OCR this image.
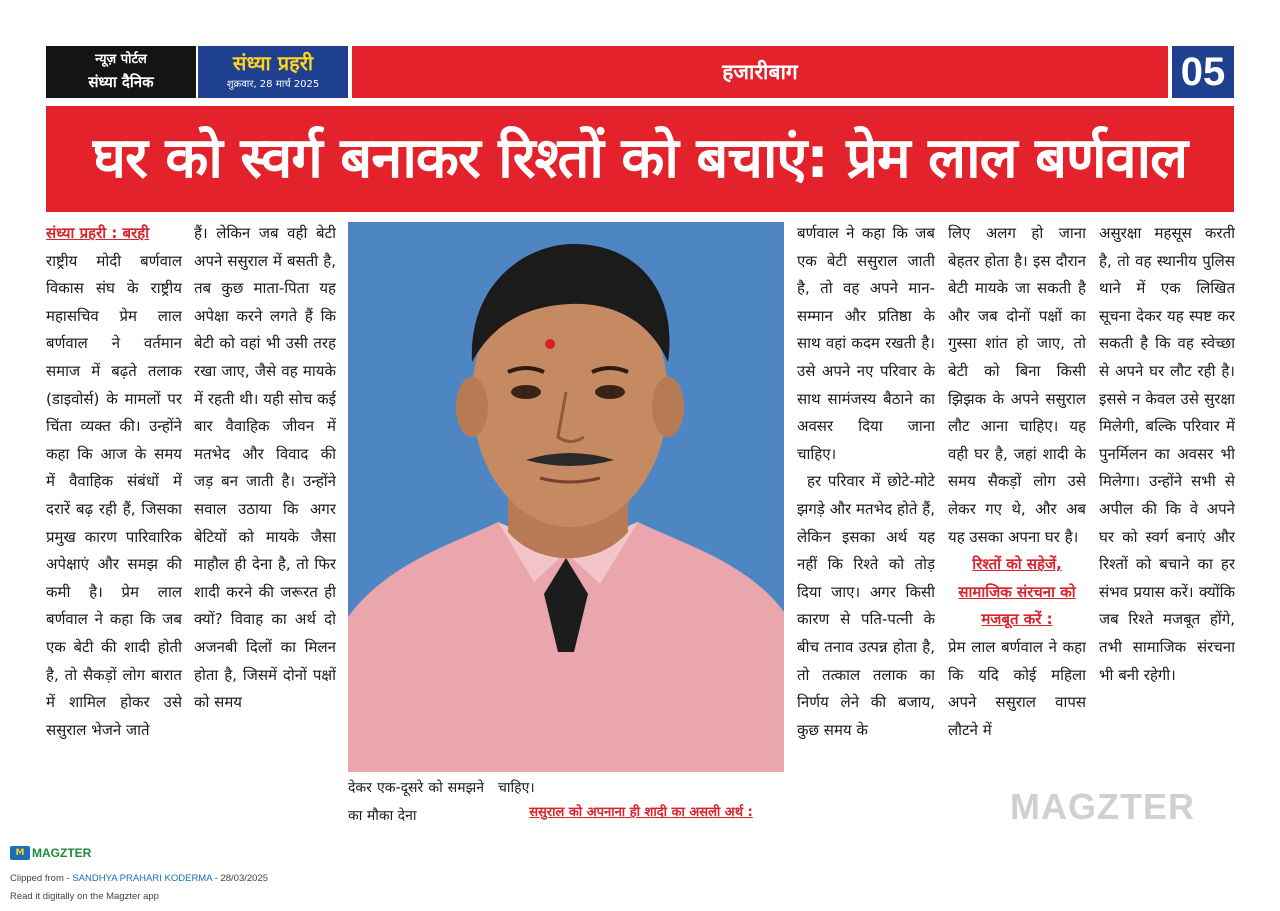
न्यूज़ पोर्टल
संध्या दैनिक
संध्या प्रहरी
शुक्रवार, 28 मार्च 2025
हजारीबाग	05
घर को स्वर्ग बनाकर रिश्तों को बचाएं: प्रेम लाल बर्णवाल

संध्या प्रहरी : बरही

राष्ट्रीय मोदी बर्णवाल विकास संघ के राष्ट्रीय महासचिव प्रेम लाल बर्णवाल ने वर्तमान समाज में बढ़ते तलाक (डाइवोर्स) के मामलों पर चिंता व्यक्त की। उन्होंने कहा कि आज के समय में वैवाहिक संबंधों में दरारें बढ़ रही हैं, जिसका प्रमुख कारण पारिवारिक अपेक्षाएं और समझ की कमी है। प्रेम लाल बर्णवाल ने कहा कि जब एक बेटी की शादी होती है, तो सैकड़ों लोग बारात में शामिल होकर उसे ससुराल भेजने जाते

हैं। लेकिन जब वही बेटी अपने ससुराल में बसती है, तब कुछ माता-पिता यह अपेक्षा करने लगते हैं कि बेटी को वहां भी उसी तरह रखा जाए, जैसे वह मायके में रहती थी। यही सोच कई बार वैवाहिक जीवन में मतभेद और विवाद की जड़ बन जाती है। उन्होंने सवाल उठाया कि अगर बेटियों को मायके जैसा माहौल ही देना है, तो फिर शादी करने की जरूरत ही क्यों? विवाह का अर्थ दो अजनबी दिलों का मिलन होता है, जिसमें दोनों पक्षों को समय

देकर एक-दूसरे को समझने का मौका देना
चाहिए।
ससुराल को अपनाना ही शादी का असली अर्थ :

बर्णवाल ने कहा कि जब एक बेटी ससुराल जाती है, तो वह अपने मान-सम्मान और प्रतिष्ठा के साथ वहां कदम रखती है। उसे अपने नए परिवार के साथ सामंजस्य बैठाने का अवसर दिया जाना चाहिए।

हर परिवार में छोटे-मोटे झगड़े और मतभेद होते हैं, लेकिन इसका अर्थ यह नहीं कि रिश्ते को तोड़ दिया जाए। अगर किसी कारण से पति-पत्नी के बीच तनाव उत्पन्न होता है, तो तत्काल तलाक का निर्णय लेने की बजाय, कुछ समय के

लिए अलग हो जाना बेहतर होता है। इस दौरान बेटी मायके जा सकती है और जब दोनों पक्षों का गुस्सा शांत हो जाए, तो बेटी को बिना किसी झिझक के अपने ससुराल लौट आना चाहिए। यह वही घर है, जहां शादी के समय सैकड़ों लोग उसे लेकर गए थे, और अब यह उसका अपना घर है।

रिश्तों को सहेजें, सामाजिक संरचना को मजबूत करें :

प्रेम लाल बर्णवाल ने कहा कि यदि कोई महिला अपने ससुराल वापस लौटने में

असुरक्षा महसूस करती है, तो वह स्थानीय पुलिस थाने में एक लिखित सूचना देकर यह स्पष्ट कर सकती है कि वह स्वेच्छा से अपने घर लौट रही है। इससे न केवल उसे सुरक्षा मिलेगी, बल्कि परिवार में पुनर्मिलन का अवसर भी मिलेगा। उन्होंने सभी से अपील की कि वे अपने घर को स्वर्ग बनाएं और रिश्तों को बचाने का हर संभव प्रयास करें। क्योंकि जब रिश्ते मजबूत होंगे, तभी सामाजिक संरचना भी बनी रहेगी।

MAGZTER
M MAGZTER
Clipped from - SANDHYA PRAHARI KODERMA - 28/03/2025
Read it digitally on the Magzter app
